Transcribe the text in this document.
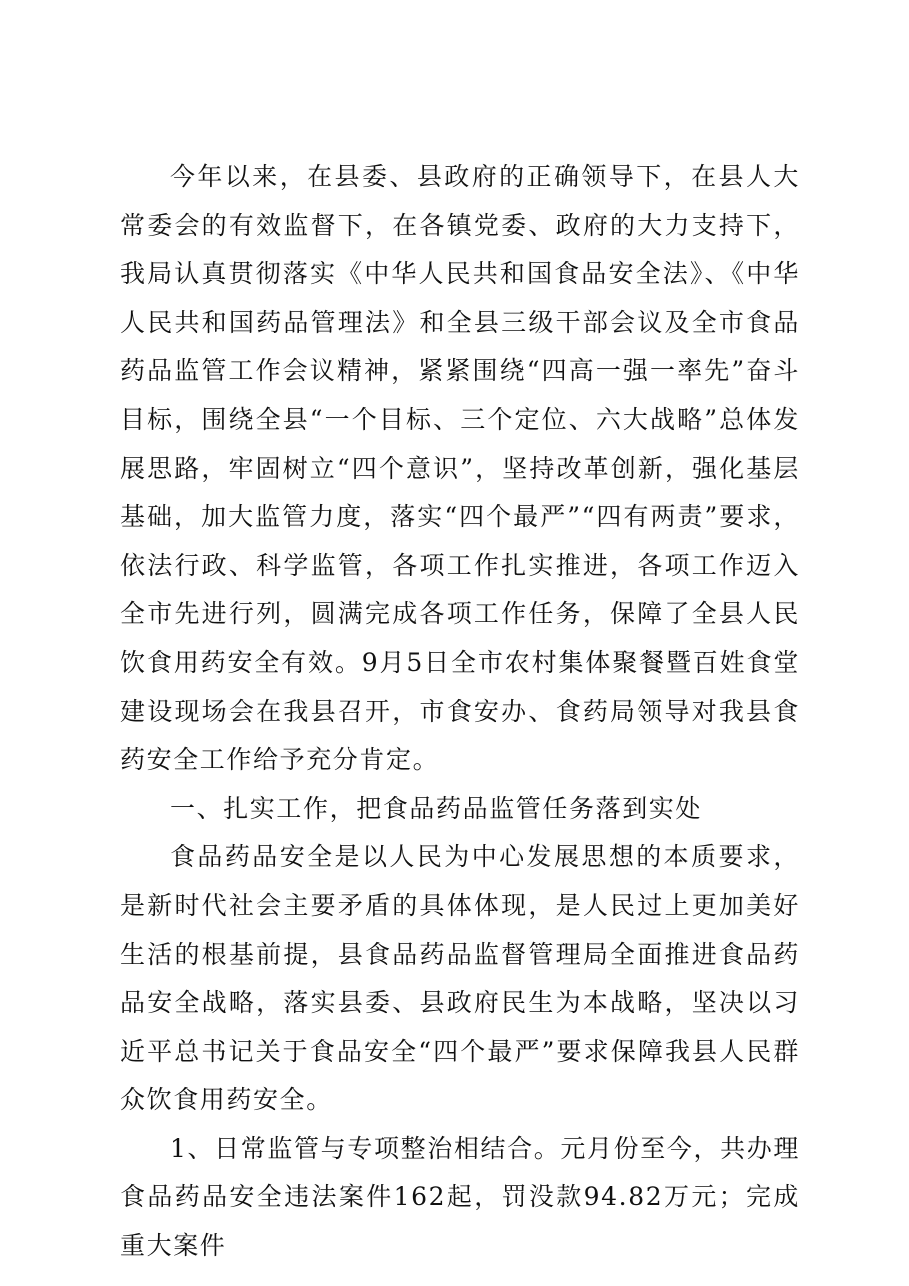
今年以来，在县委、县政府的正确领导下，在县人大常委会的有效监督下，在各镇党委、政府的大力支持下，我局认真贯彻落实《中华人民共和国食品安全法》、《中华人民共和国药品管理法》和全县三级干部会议及全市食品药品监管工作会议精神，紧紧围绕“四高一强一率先”奋斗目标，围绕全县“一个目标、三个定位、六大战略”总体发展思路，牢固树立“四个意识”，坚持改革创新，强化基层基础，加大监管力度，落实“四个最严”“四有两责”要求，依法行政、科学监管，各项工作扎实推进，各项工作迈入全市先进行列，圆满完成各项工作任务，保障了全县人民饮食用药安全有效。9月5日全市农村集体聚餐暨百姓食堂建设现场会在我县召开，市食安办、食药局领导对我县食药安全工作给予充分肯定。

一、扎实工作，把食品药品监管任务落到实处

食品药品安全是以人民为中心发展思想的本质要求，是新时代社会主要矛盾的具体体现，是人民过上更加美好生活的根基前提，县食品药品监督管理局全面推进食品药品安全战略，落实县委、县政府民生为本战略，坚决以习近平总书记关于食品安全“四个最严”要求保障我县人民群众饮食用药安全。

1、日常监管与专项整治相结合。元月份至今，共办理食品药品安全违法案件162起，罚没款94.82万元；完成重大案件
